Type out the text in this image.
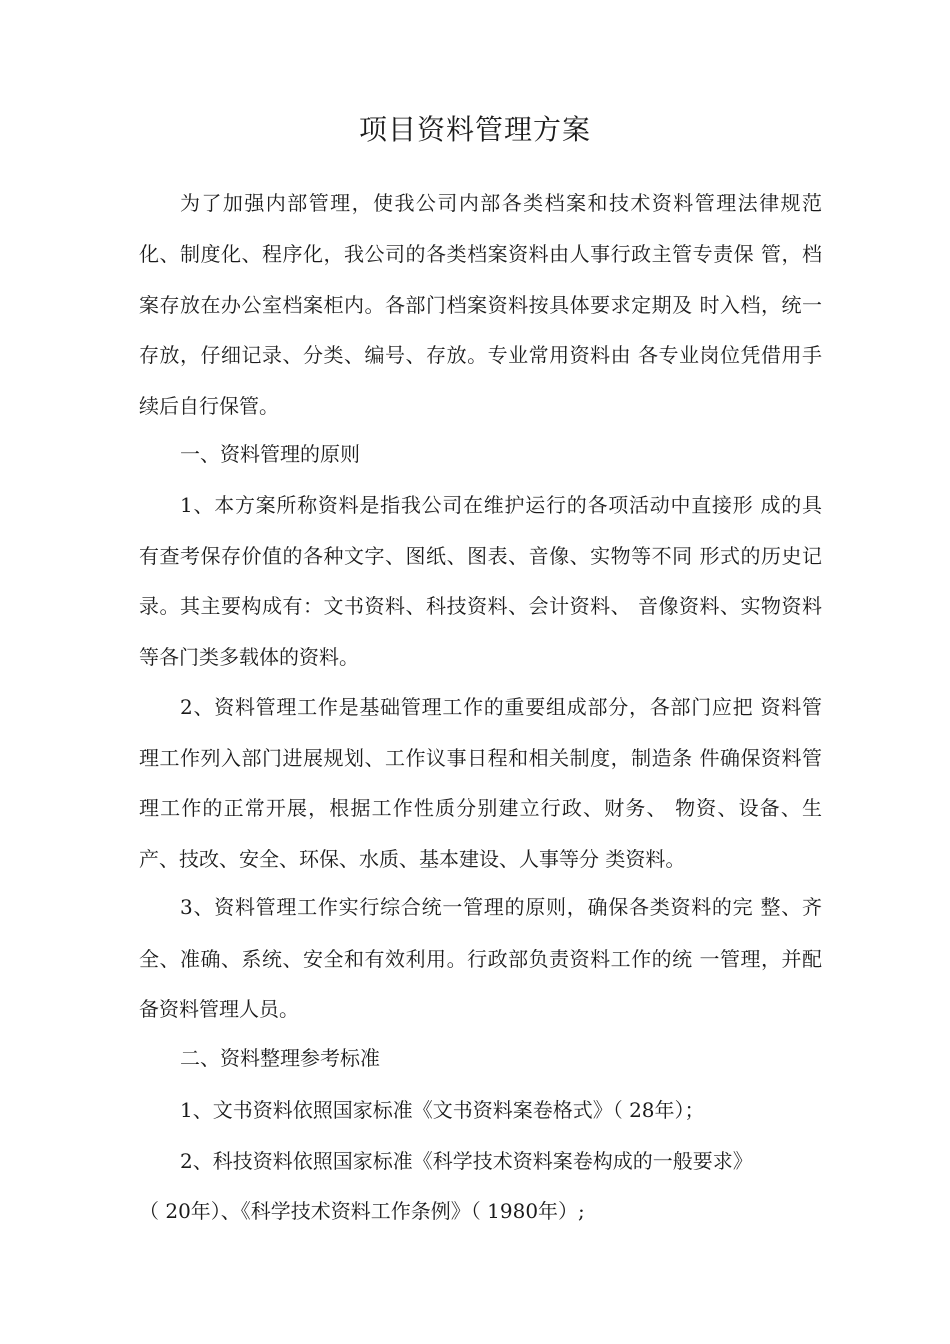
项目资料管理方案
为了加强内部管理，使我公司内部各类档案和技术资料管理法律规范
化、制度化、程序化，我公司的各类档案资料由人事行政主管专责保 管，档
案存放在办公室档案柜内。各部门档案资料按具体要求定期及 时入档，统一
存放，仔细记录、分类、编号、存放。专业常用资料由 各专业岗位凭借用手
续后自行保管。
一、资料管理的原则
1、本方案所称资料是指我公司在维护运行的各项活动中直接形 成的具
有查考保存价值的各种文字、图纸、图表、音像、实物等不同 形式的历史记
录。其主要构成有：文书资料、科技资料、会计资料、 音像资料、实物资料
等各门类多载体的资料。
2、资料管理工作是基础管理工作的重要组成部分，各部门应把 资料管
理工作列入部门进展规划、工作议事日程和相关制度，制造条 件确保资料管
理工作的正常开展，根据工作性质分别建立行政、财务、 物资、设备、生
产、技改、安全、环保、水质、基本建设、人事等分 类资料。
3、资料管理工作实行综合统一管理的原则，确保各类资料的完 整、齐
全、准确、系统、安全和有效利用。行政部负责资料工作的统 一管理，并配
备资料管理人员。
二、资料整理参考标准
1、文书资料依照国家标准《文书资料案卷格式》（ 28年）；
2、科技资料依照国家标准《科学技术资料案卷构成的一般要求》
（ 20年）、《科学技术资料工作条例》（ 1980年）;
